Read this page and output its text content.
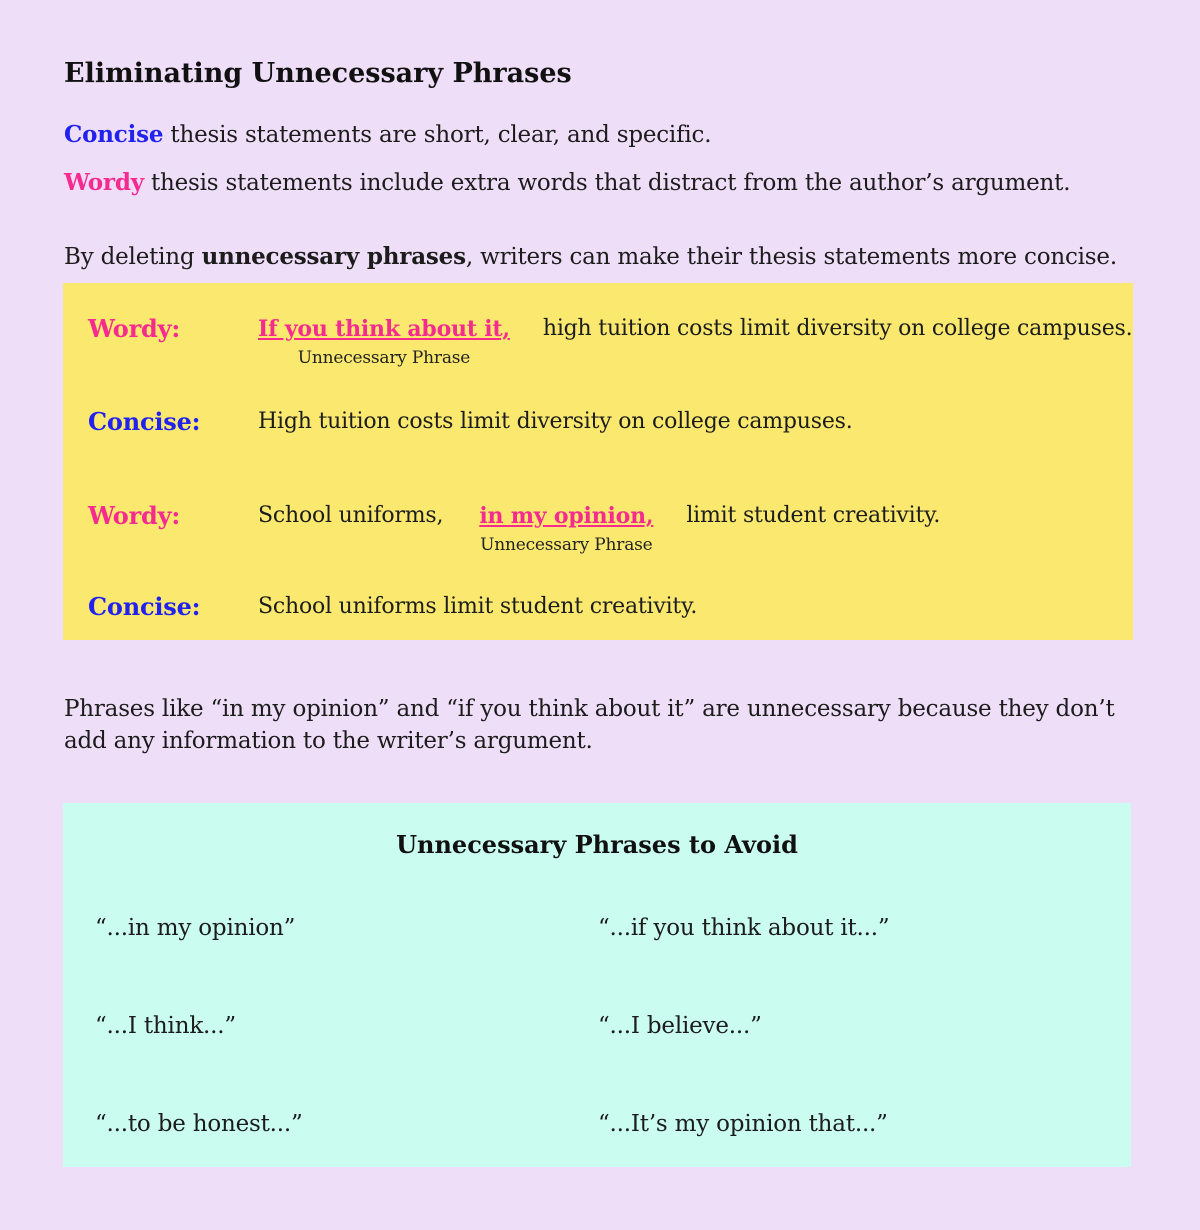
Eliminating Unnecessary Phrases

Concise thesis statements are short, clear, and specific.

Wordy thesis statements include extra words that distract from the author’s argument.

By deleting unnecessary phrases, writers can make their thesis statements more concise.

Wordy:	If you think about it,
Unnecessary Phrase
high tuition costs limit diversity on college campuses.
Concise:	High tuition costs limit diversity on college campuses.
Wordy:	School uniforms, in my opinion,
Unnecessary Phrase
limit student creativity.
Concise:	School uniforms limit student creativity.

Phrases like “in my opinion” and “if you think about it” are unnecessary because they don’t
add any information to the writer’s argument.

Unnecessary Phrases to Avoid
“...in my opinion”	“...if you think about it...”
“...I think...”	“...I believe...”
“...to be honest...”	“...It’s my opinion that...”
